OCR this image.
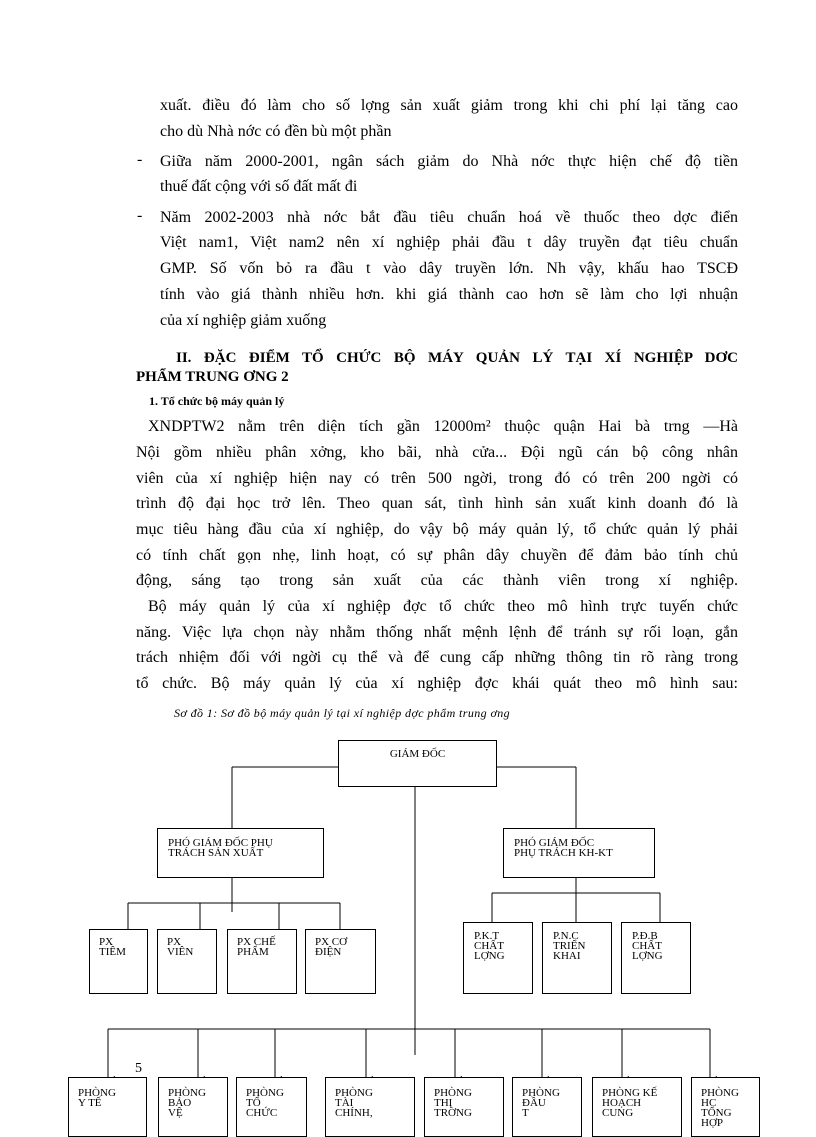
xuất. điều đó làm cho số lợng sản xuất giảm trong khi chi phí lại tăng cao
cho dù Nhà nớc có đền bù một phần
- Giữa năm 2000-2001, ngân sách giảm do Nhà nớc thực hiện chế độ tiền
thuế đất cộng với số đất mất đi
- Năm 2002-2003 nhà nớc bắt đầu tiêu chuẩn hoá về thuốc theo dợc điển
Việt nam1, Việt nam2 nên xí nghiệp phải đầu t dây truyền đạt tiêu chuẩn
GMP. Số vốn bỏ ra đầu t vào dây truyền lớn. Nh vậy, khấu hao TSCĐ
tính vào giá thành nhiều hơn. khi giá thành cao hơn sẽ làm cho lợi nhuận
của xí nghiệp giảm xuống
II. ĐẶC ĐIỂM TỔ CHỨC BỘ MÁY QUẢN LÝ TẠI XÍ NGHIỆP DƠC
PHẨM TRUNG ƠNG 2
1. Tổ chức bộ máy quản lý
XNDPTW2 nằm trên diện tích gần 12000m² thuộc quận Hai bà trng —Hà
Nội gồm nhiều phân xởng, kho bãi, nhà cửa... Đội ngũ cán bộ công nhân
viên của xí nghiệp hiện nay có trên 500 ngời, trong đó có trên 200 ngời có
trình độ đại học trở lên. Theo quan sát, tình hình sản xuất kinh doanh đó là
mục tiêu hàng đầu của xí nghiệp, do vậy bộ máy quản lý, tổ chức quản lý phải
có tính chất gọn nhẹ, linh hoạt, có sự phân dây chuyền để đảm bảo tính chủ
động, sáng tạo trong sản xuất của các thành viên trong xí nghiệp.
Bộ máy quản lý của xí nghiệp đợc tổ chức theo mô hình trực tuyến chức
năng. Việc lựa chọn này nhằm thống nhất mệnh lệnh để tránh sự rối loạn, gắn
trách nhiệm đối với ngời cụ thể và để cung cấp những thông tin rõ ràng trong
tổ chức. Bộ máy quản lý của xí nghiệp đợc khái quát theo mô hình sau:
Sơ đồ 1: Sơ đồ bộ máy quản lý tại xí nghiệp dợc phẩm trung ơng
GIÁM ĐỐC
PHÓ GIÁM ĐỐC PHỤ
TRÁCH SẢN XUẤT
PHÓ GIÁM ĐỐC
PHỤ TRÁCH KH-KT
PX
TIÊM
PX
VIÊN
PX CHẾ
PHẨM
PX CƠ
ĐIỆN
P.K.T
CHẤT
LỢNG
P.N.C
TRIỂN
KHAI
P.Đ.B
CHẤT
LỢNG
PHÒNG
Y TẾ
PHÒNG
BẢO
VỆ
PHÒNG
TỔ
CHỨC
PHÒNG
TÀI
CHÍNH,
PHÒNG
THỊ
TRỜNG
PHÒNG
ĐẦU
T
PHÒNG KẾ
HOẠCH
CUNG
PHÒNG
HC
TỔNG
HỢP
5
